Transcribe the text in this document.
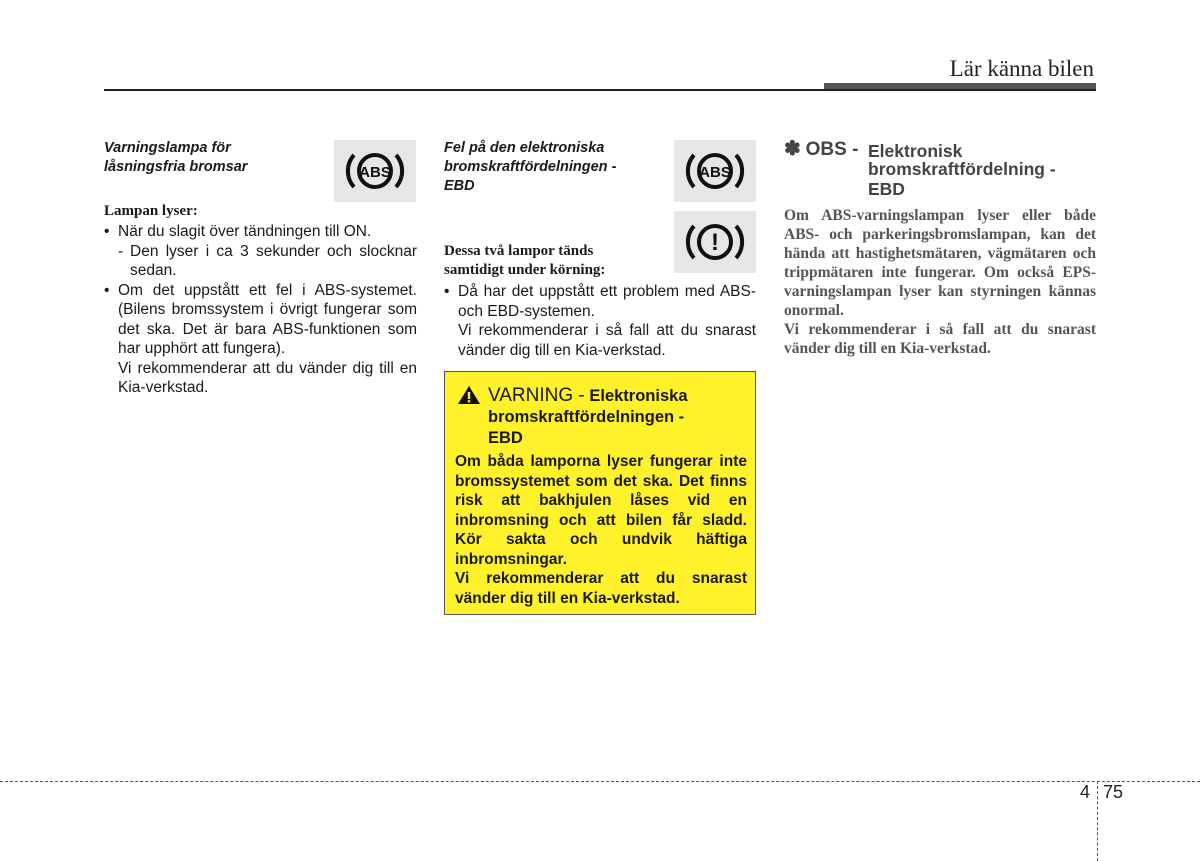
Lär känna bilen
Varningslampa för
låsningsfria bromsar	ABS
Lampan lyser:
• När du slagit över tändningen till ON.
- Den lyser i ca 3 sekunder och slocknar sedan.
• Om det uppstått ett fel i ABS-systemet. (Bilens bromssystem i övrigt fungerar som det ska. Det är bara ABS-funktionen som har upphört att fungera).
Vi rekommenderar att du vänder dig till en Kia-verkstad.
Fel på den elektroniska
bromskraftfördelningen -
EBD
ABS
!
Dessa två lampor tänds
samtidigt under körning:
• Då har det uppstått ett problem med ABS- och EBD-systemen.
Vi rekommenderar i så fall att du snarast vänder dig till en Kia-verkstad.
VARNING - Elektroniska
bromskraftfördelningen -
EBD
Om båda lamporna lyser fungerar inte bromssystemet som det ska. Det finns risk att bakhjulen låses vid en inbromsning och att bilen får sladd. Kör sakta och undvik häftiga inbromsningar.
Vi rekommenderar att du snarast vänder dig till en Kia-verkstad.
✽ OBS - Elektronisk
bromskraftfördelning -
EBD
Om ABS-varningslampan lyser eller både ABS- och parkeringsbromslampan, kan det hända att hastighetsmätaren, vägmätaren och trippmätaren inte fungerar. Om också EPS-varningslampan lyser kan styrningen kännas onormal.
Vi rekommenderar i så fall att du snarast vänder dig till en Kia-verkstad.
4 75
